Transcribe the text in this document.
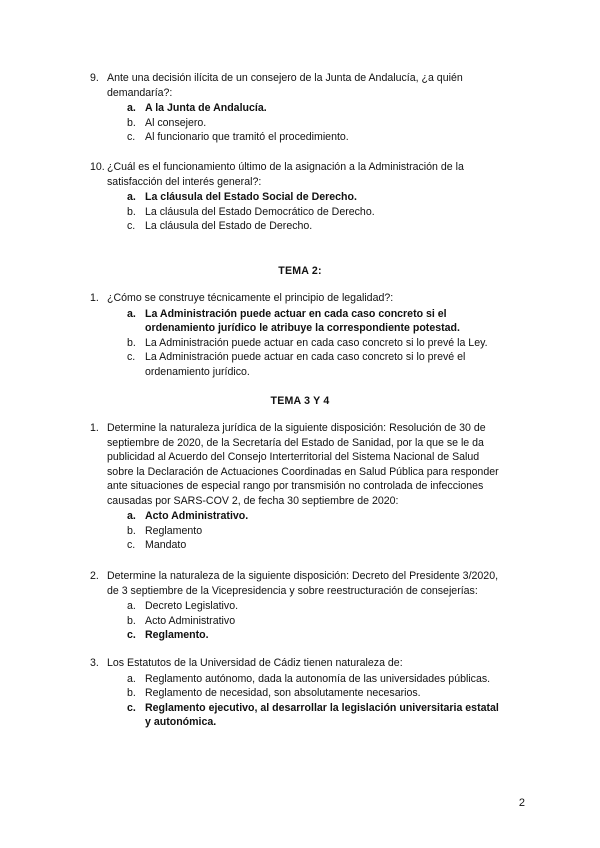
9. Ante una decisión ilícita de un consejero de la Junta de Andalucía, ¿a quién demandaría?:
a. A la Junta de Andalucía.
b. Al consejero.
c. Al funcionario que tramitó el procedimiento.
10. ¿Cuál es el funcionamiento último de la asignación a la Administración de la satisfacción del interés general?:
a. La cláusula del Estado Social de Derecho.
b. La cláusula del Estado Democrático de Derecho.
c. La cláusula del Estado de Derecho.
TEMA 2:
1. ¿Cómo se construye técnicamente el principio de legalidad?:
a. La Administración puede actuar en cada caso concreto si el ordenamiento jurídico le atribuye la correspondiente potestad.
b. La Administración puede actuar en cada caso concreto si lo prevé la Ley.
c. La Administración puede actuar en cada caso concreto si lo prevé el ordenamiento jurídico.
TEMA 3 Y 4
1. Determine la naturaleza jurídica de la siguiente disposición: Resolución de 30 de septiembre de 2020, de la Secretaría del Estado de Sanidad, por la que se le da publicidad al Acuerdo del Consejo Interterritorial del Sistema Nacional de Salud sobre la Declaración de Actuaciones Coordinadas en Salud Pública para responder ante situaciones de especial rango por transmisión no controlada de infecciones causadas por SARS-COV 2, de fecha 30 septiembre de 2020:
a. Acto Administrativo.
b. Reglamento
c. Mandato
2. Determine la naturaleza de la siguiente disposición: Decreto del Presidente 3/2020, de 3 septiembre de la Vicepresidencia y sobre reestructuración de consejerías:
a. Decreto Legislativo.
b. Acto Administrativo
c. Reglamento.
3. Los Estatutos de la Universidad de Cádiz tienen naturaleza de:
a. Reglamento autónomo, dada la autonomía de las universidades públicas.
b. Reglamento de necesidad, son absolutamente necesarios.
c. Reglamento ejecutivo, al desarrollar la legislación universitaria estatal y autonómica.
2
